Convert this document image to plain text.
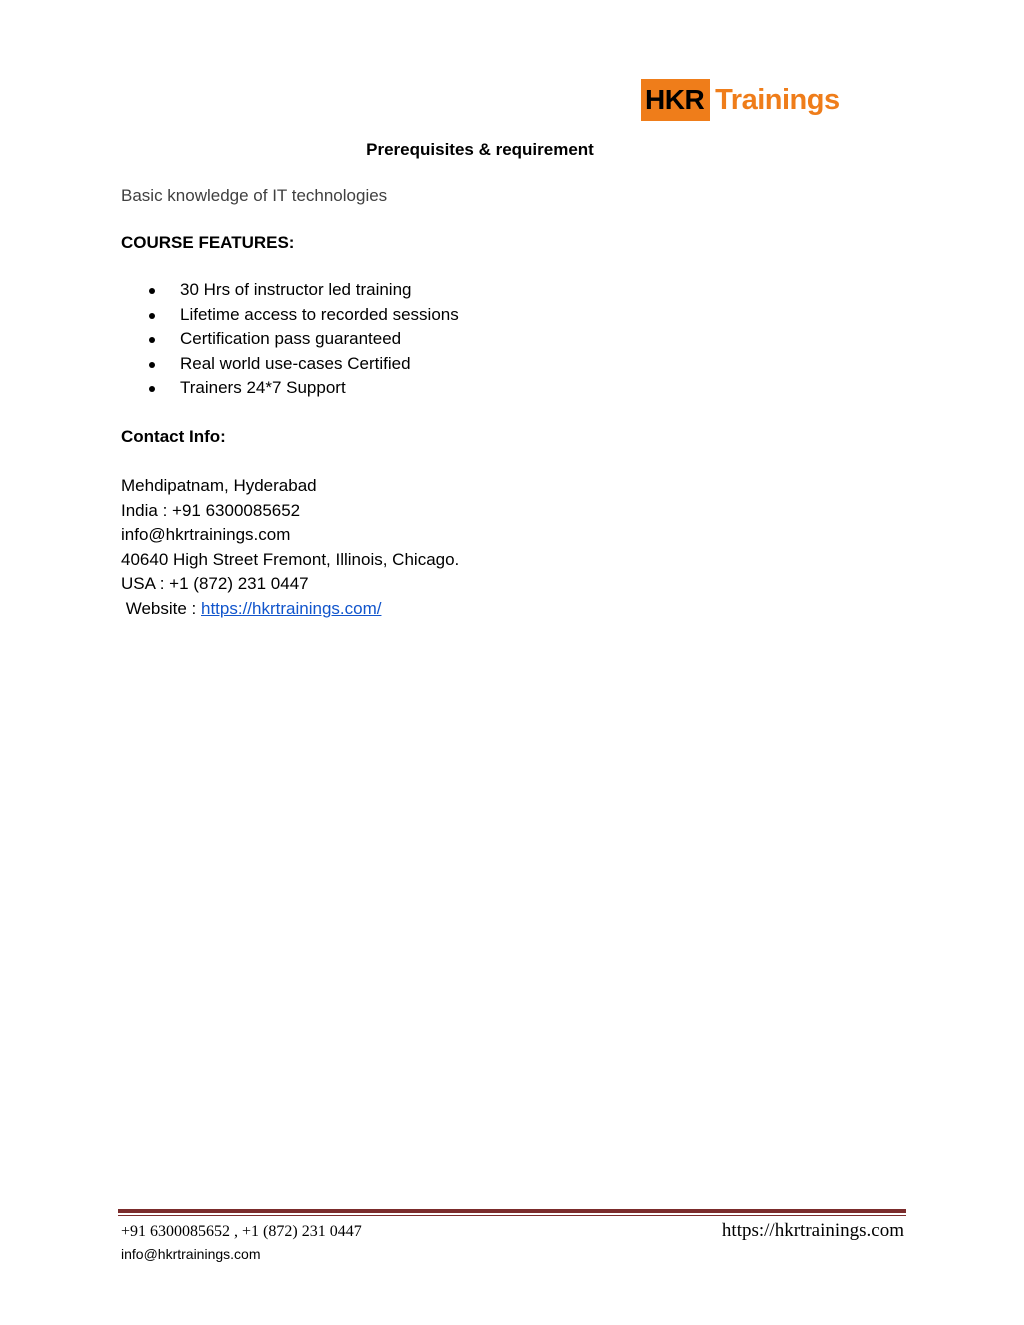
HKR Trainings
Prerequisites & requirement
Basic knowledge of IT technologies
COURSE FEATURES:
30 Hrs of instructor led training
Lifetime access to recorded sessions
Certification pass guaranteed
Real world use-cases Certified
Trainers 24*7 Support
Contact Info:
Mehdipatnam, Hyderabad
India : +91 6300085652
info@hkrtrainings.com
40640 High Street Fremont, Illinois, Chicago.
USA : +1 (872) 231 0447
Website : https://hkrtrainings.com/
+91 6300085652 , +1 (872) 231 0447
info@hkrtrainings.com
https://hkrtrainings.com
